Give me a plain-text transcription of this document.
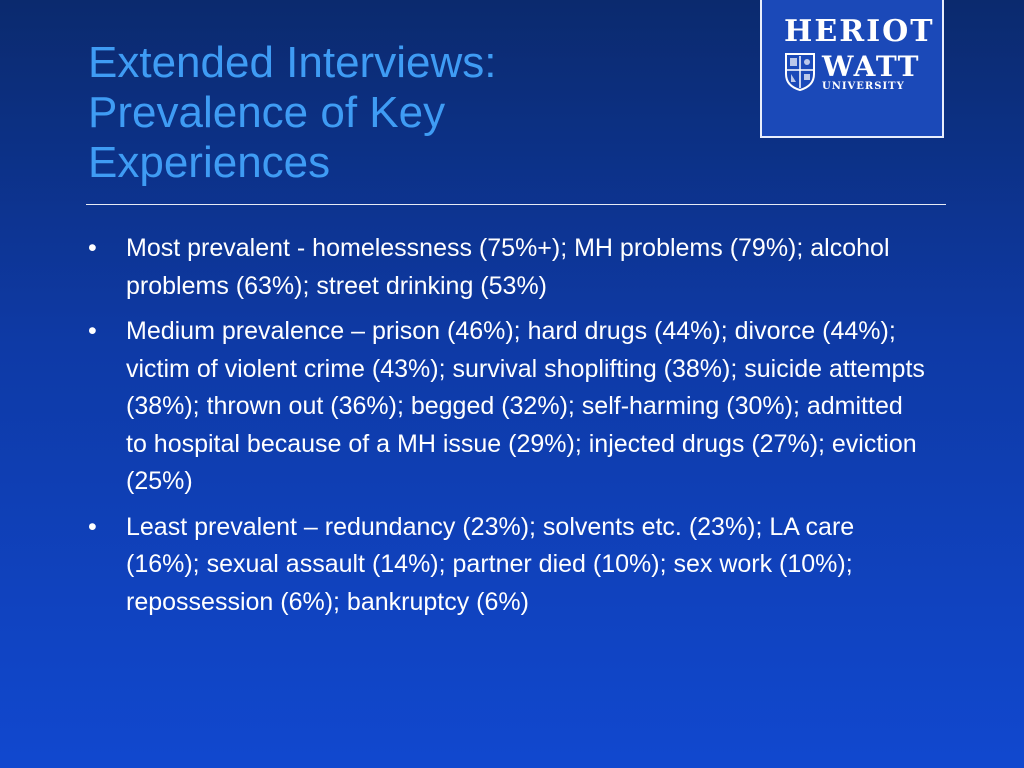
Extended Interviews:
Prevalence of Key
Experiences
HERIOT
WATT
UNIVERSITY
• Most prevalent - homelessness (75%+); MH problems (79%); alcohol problems (63%); street drinking (53%)
• Medium prevalence – prison (46%); hard drugs (44%); divorce (44%); victim of violent crime (43%); survival shoplifting (38%); suicide attempts (38%); thrown out (36%); begged (32%); self-harming (30%); admitted to hospital because of a MH issue (29%); injected drugs (27%); eviction (25%)
• Least prevalent – redundancy (23%); solvents etc. (23%); LA care (16%); sexual assault (14%); partner died (10%); sex work (10%); repossession (6%); bankruptcy (6%)
